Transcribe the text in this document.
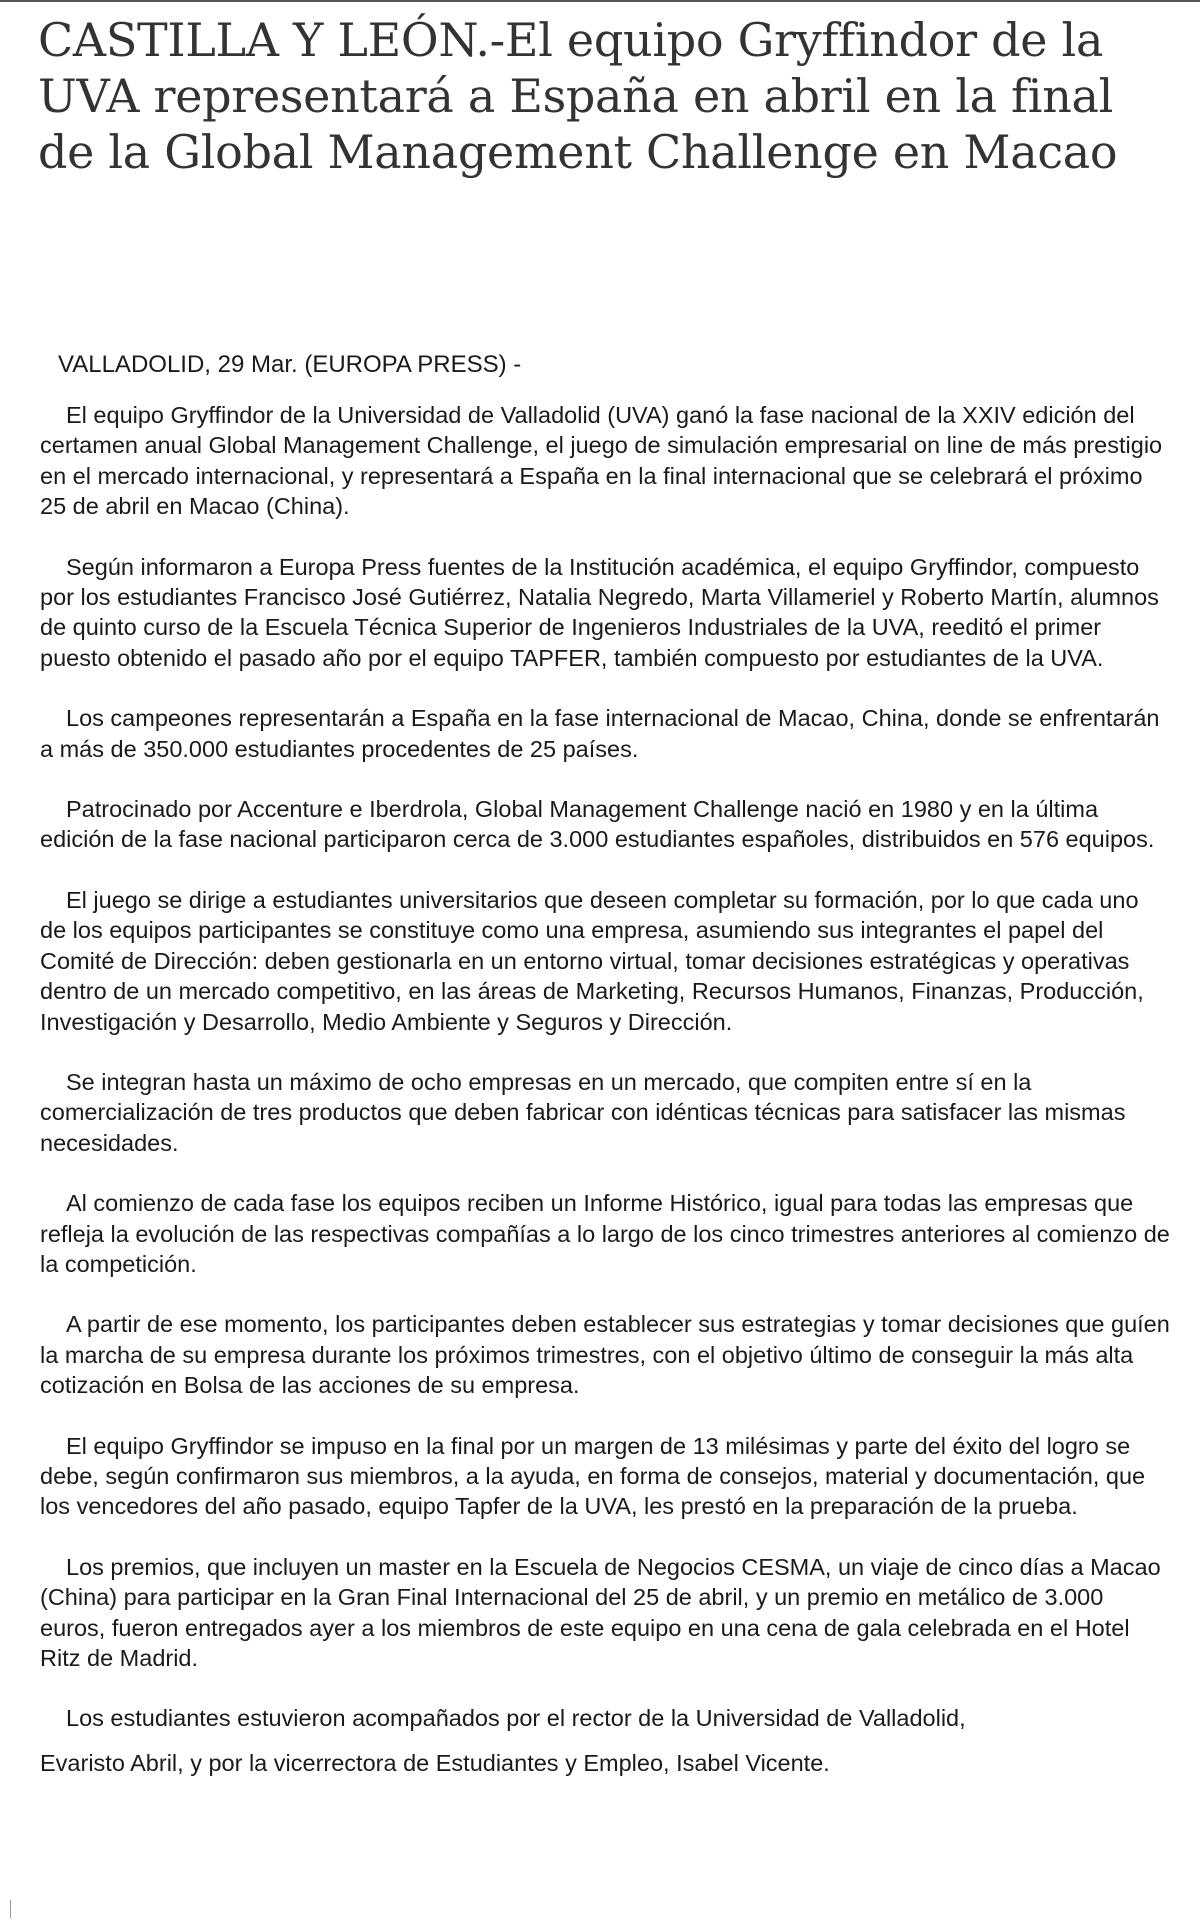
CASTILLA Y LEÓN.-El equipo Gryffindor de la UVA representará a España en abril en la final de la Global Management Challenge en Macao

VALLADOLID, 29 Mar. (EUROPA PRESS) -

El equipo Gryffindor de la Universidad de Valladolid (UVA) ganó la fase nacional de la XXIV edición del certamen anual Global Management Challenge, el juego de simulación empresarial on line de más prestigio en el mercado internacional, y representará a España en la final internacional que se celebrará el próximo 25 de abril en Macao (China).

Según informaron a Europa Press fuentes de la Institución académica, el equipo Gryffindor, compuesto por los estudiantes Francisco José Gutiérrez, Natalia Negredo, Marta Villameriel y Roberto Martín, alumnos de quinto curso de la Escuela Técnica Superior de Ingenieros Industriales de la UVA, reeditó el primer puesto obtenido el pasado año por el equipo TAPFER, también compuesto por estudiantes de la UVA.

Los campeones representarán a España en la fase internacional de Macao, China, donde se enfrentarán a más de 350.000 estudiantes procedentes de 25 países.

Patrocinado por Accenture e Iberdrola, Global Management Challenge nació en 1980 y en la última edición de la fase nacional participaron cerca de 3.000 estudiantes españoles, distribuidos en 576 equipos.

El juego se dirige a estudiantes universitarios que deseen completar su formación, por lo que cada uno de los equipos participantes se constituye como una empresa, asumiendo sus integrantes el papel del Comité de Dirección: deben gestionarla en un entorno virtual, tomar decisiones estratégicas y operativas dentro de un mercado competitivo, en las áreas de Marketing, Recursos Humanos, Finanzas, Producción, Investigación y Desarrollo, Medio Ambiente y Seguros y Dirección.

Se integran hasta un máximo de ocho empresas en un mercado, que compiten entre sí en la comercialización de tres productos que deben fabricar con idénticas técnicas para satisfacer las mismas necesidades.

Al comienzo de cada fase los equipos reciben un Informe Histórico, igual para todas las empresas que refleja la evolución de las respectivas compañías a lo largo de los cinco trimestres anteriores al comienzo de la competición.

A partir de ese momento, los participantes deben establecer sus estrategias y tomar decisiones que guíen la marcha de su empresa durante los próximos trimestres, con el objetivo último de conseguir la más alta cotización en Bolsa de las acciones de su empresa.

El equipo Gryffindor se impuso en la final por un margen de 13 milésimas y parte del éxito del logro se debe, según confirmaron sus miembros, a la ayuda, en forma de consejos, material y documentación, que los vencedores del año pasado, equipo Tapfer de la UVA, les prestó en la preparación de la prueba.

Los premios, que incluyen un master en la Escuela de Negocios CESMA, un viaje de cinco días a Macao (China) para participar en la Gran Final Internacional del 25 de abril, y un premio en metálico de 3.000 euros, fueron entregados ayer a los miembros de este equipo en una cena de gala celebrada en el Hotel Ritz de Madrid.

Los estudiantes estuvieron acompañados por el rector de la Universidad de Valladolid,

Evaristo Abril, y por la vicerrectora de Estudiantes y Empleo, Isabel Vicente.
